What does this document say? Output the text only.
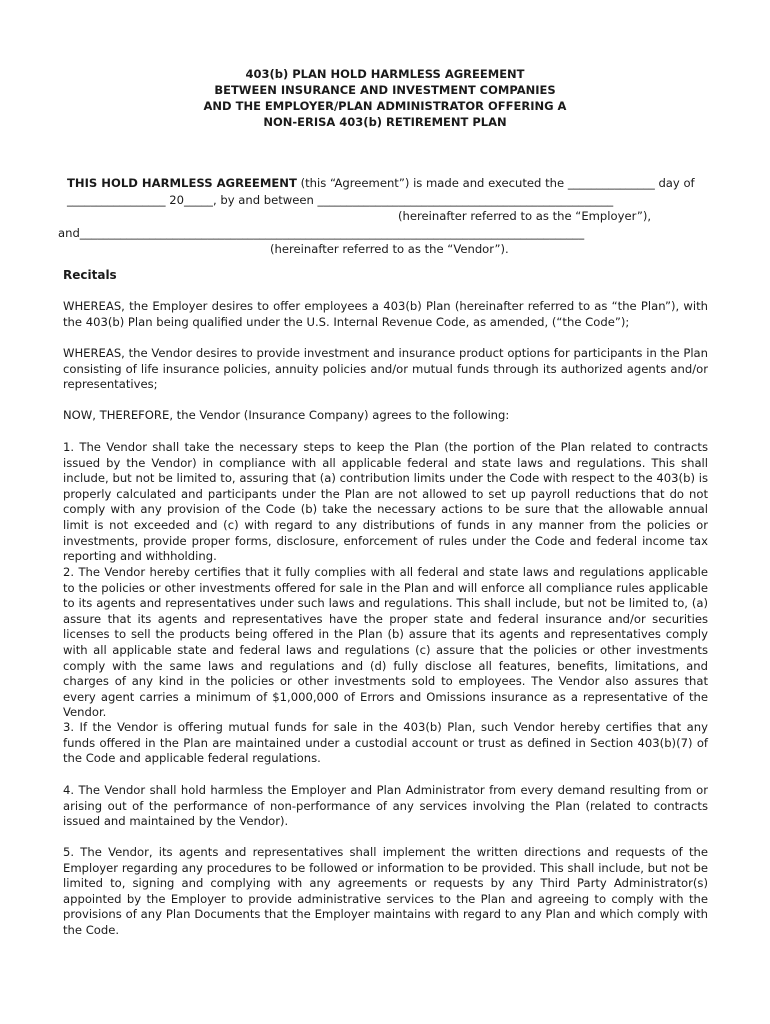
403(b) PLAN HOLD HARMLESS AGREEMENT
BETWEEN INSURANCE AND INVESTMENT COMPANIES
AND THE EMPLOYER/PLAN ADMINISTRATOR OFFERING A
NON-ERISA 403(b) RETIREMENT PLAN
THIS HOLD HARMLESS AGREEMENT (this “Agreement”) is made and executed the _______________ day of
_________________ 20_____, by and between ___________________________________________________
(hereinafter referred to as the “Employer”),
and_______________________________________________________________________________________
(hereinafter referred to as the “Vendor”).
Recitals
WHEREAS, the Employer desires to offer employees a 403(b) Plan (hereinafter referred to as “the Plan”), with the 403(b) Plan being qualified under the U.S. Internal Revenue Code, as amended, (“the Code”);
WHEREAS, the Vendor desires to provide investment and insurance product options for participants in the Plan consisting of life insurance policies, annuity policies and/or mutual funds through its authorized agents and/or representatives;
NOW, THEREFORE, the Vendor (Insurance Company) agrees to the following:
1. The Vendor shall take the necessary steps to keep the Plan (the portion of the Plan related to contracts issued by the Vendor) in compliance with all applicable federal and state laws and regulations. This shall include, but not be limited to, assuring that (a) contribution limits under the Code with respect to the 403(b) is properly calculated and participants under the Plan are not allowed to set up payroll reductions that do not comply with any provision of the Code (b) take the necessary actions to be sure that the allowable annual limit is not exceeded and (c) with regard to any distributions of funds in any manner from the policies or investments, provide proper forms, disclosure, enforcement of rules under the Code and federal income tax reporting and withholding.
2. The Vendor hereby certifies that it fully complies with all federal and state laws and regulations applicable to the policies or other investments offered for sale in the Plan and will enforce all compliance rules applicable to its agents and representatives under such laws and regulations. This shall include, but not be limited to, (a) assure that its agents and representatives have the proper state and federal insurance and/or securities licenses to sell the products being offered in the Plan (b) assure that its agents and representatives comply with all applicable state and federal laws and regulations (c) assure that the policies or other investments comply with the same laws and regulations and (d) fully disclose all features, benefits, limitations, and charges of any kind in the policies or other investments sold to employees. The Vendor also assures that every agent carries a minimum of $1,000,000 of Errors and Omissions insurance as a representative of the Vendor.
3. If the Vendor is offering mutual funds for sale in the 403(b) Plan, such Vendor hereby certifies that any funds offered in the Plan are maintained under a custodial account or trust as defined in Section 403(b)(7) of the Code and applicable federal regulations.
4. The Vendor shall hold harmless the Employer and Plan Administrator from every demand resulting from or arising out of the performance of non-performance of any services involving the Plan (related to contracts issued and maintained by the Vendor).
5. The Vendor, its agents and representatives shall implement the written directions and requests of the Employer regarding any procedures to be followed or information to be provided. This shall include, but not be limited to, signing and complying with any agreements or requests by any Third Party Administrator(s) appointed by the Employer to provide administrative services to the Plan and agreeing to comply with the provisions of any Plan Documents that the Employer maintains with regard to any Plan and which comply with the Code.
